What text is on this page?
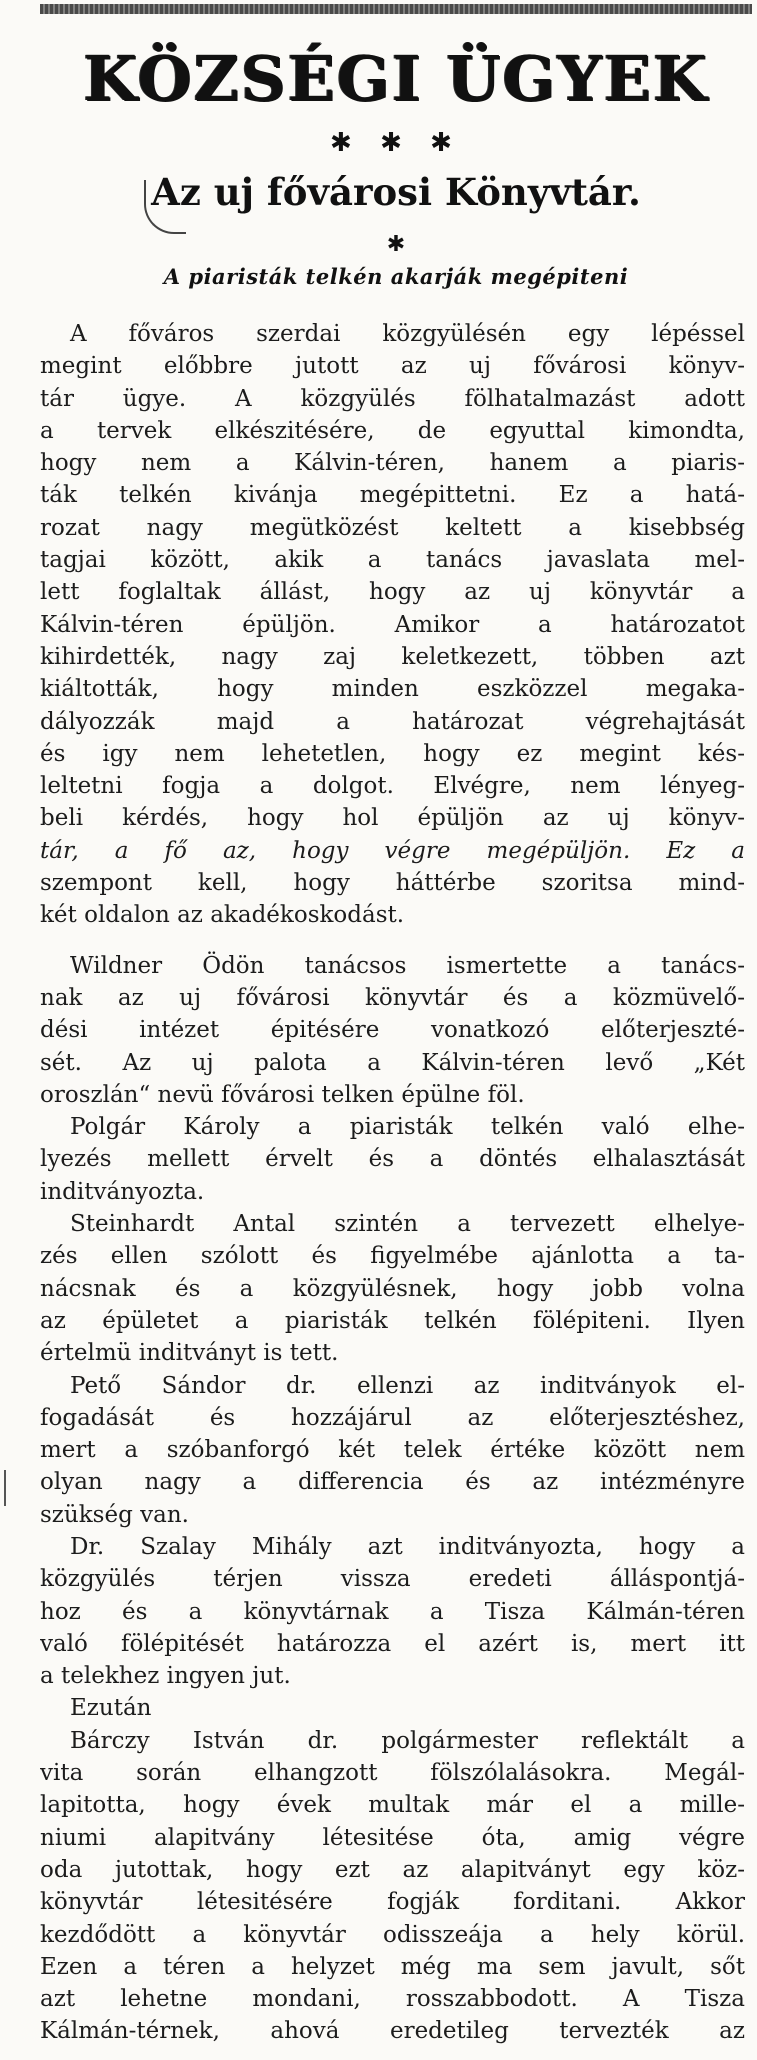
KÖZSÉGI ÜGYEK
✱ ✱ ✱
Az uj fővárosi Könyvtár.
✱
A piaristák telkén akarják megépiteni
A főváros szerdai közgyülésén egy lépéssel
megint előbbre jutott az uj fővárosi könyv-
tár ügye. A közgyülés fölhatalmazást adott
a tervek elkészitésére, de egyuttal kimondta,
hogy nem a Kálvin-téren, hanem a piaris-
ták telkén kivánja megépittetni. Ez a hatá-
rozat nagy megütközést keltett a kisebbség
tagjai között, akik a tanács javaslata mel-
lett foglaltak állást, hogy az uj könyvtár a
Kálvin-téren épüljön. Amikor a határozatot
kihirdették, nagy zaj keletkezett, többen azt
kiáltották, hogy minden eszközzel megaka-
dályozzák majd a határozat végrehajtását
és igy nem lehetetlen, hogy ez megint kés-
leltetni fogja a dolgot. Elvégre, nem lényeg-
beli kérdés, hogy hol épüljön az uj könyv-
tár, a fő az, hogy végre megépüljön. Ez a
szempont kell, hogy háttérbe szoritsa mind-
két oldalon az akadékoskodást.
Wildner Ödön tanácsos ismertette a tanács-
nak az uj fővárosi könyvtár és a közmüvelő-
dési intézet épitésére vonatkozó előterjeszté-
sét. Az uj palota a Kálvin-téren levő „Két
oroszlán“ nevü fővárosi telken épülne föl.
Polgár Károly a piaristák telkén való elhe-
lyezés mellett érvelt és a döntés elhalasztását
inditványozta.
Steinhardt Antal szintén a tervezett elhelye-
zés ellen szólott és figyelmébe ajánlotta a ta-
nácsnak és a közgyülésnek, hogy jobb volna
az épületet a piaristák telkén fölépiteni. Ilyen
értelmü inditványt is tett.
Pető Sándor dr. ellenzi az inditványok el-
fogadását és hozzájárul az előterjesztéshez,
mert a szóbanforgó két telek értéke között nem
olyan nagy a differencia és az intézményre
szükség van.
Dr. Szalay Mihály azt inditványozta, hogy a
közgyülés térjen vissza eredeti álláspontjá-
hoz és a könyvtárnak a Tisza Kálmán-téren
való fölépitését határozza el azért is, mert itt
a telekhez ingyen jut.
Ezután
Bárczy István dr. polgármester reflektált a
vita során elhangzott fölszólalásokra. Megál-
lapitotta, hogy évek multak már el a mille-
niumi alapitvány létesitése óta, amig végre
oda jutottak, hogy ezt az alapitványt egy köz-
könyvtár létesitésére fogják forditani. Akkor
kezdődött a könyvtár odisszeája a hely körül.
Ezen a téren a helyzet még ma sem javult, sőt
azt lehetne mondani, rosszabbodott. A Tisza
Kálmán-térnek, ahová eredetileg tervezték az
